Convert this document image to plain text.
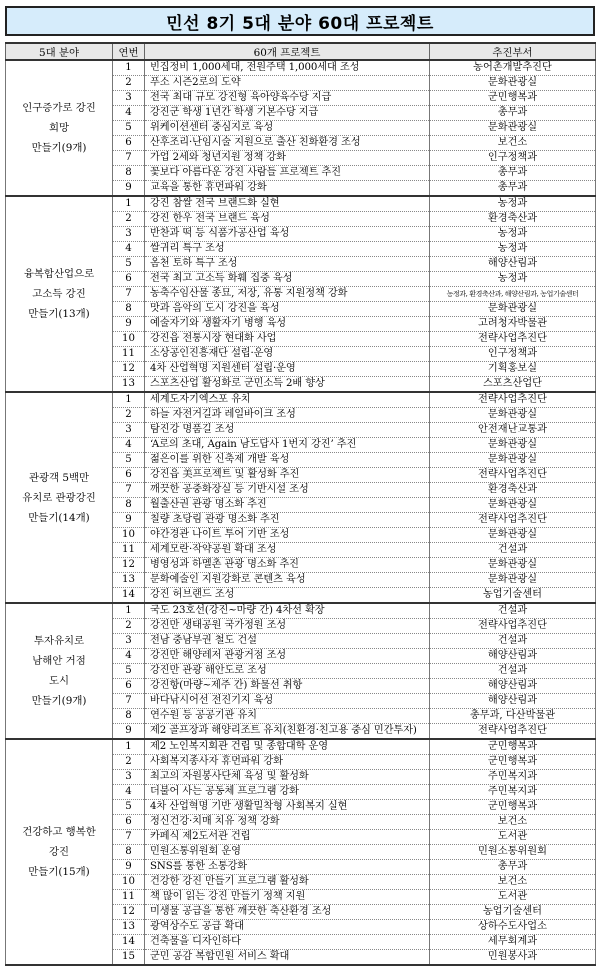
민선 8기 5대 분야 60대 프로젝트
5대 분야	연번	60개 프로젝트	추진부서

인구증가로 강진
희망
만들기(9개)	1	빈집정비 1,000세대, 전원주택 1,000세대 조성	농어촌개발추진단
	2	푸소 시즌2로의 도약	문화관광실
	3	전국 최대 규모 강진형 육아양육수당 지급	군민행복과
	4	강진군 학생 1년간 학생 기본수당 지급	총무과
	5	위케이션센터 중심지로 육성	문화관광실
	6	산후조리·난임시술 지원으로 출산 친화환경 조성	보건소
	7	가업 2세와 청년지원 정책 강화	인구정책과
	8	꽃보다 아름다운 강진 사람들 프로젝트 추진	총무과
	9	교육을 통한 휴먼파워 강화	총무과

융복합산업으로
고소득 강진
만들기(13개)	1	강진 참쌀 전국 브랜드화 실현	농정과
	2	강진 한우 전국 브랜드 육성	환경축산과
	3	반찬과 떡 등 식품가공산업 육성	농정과
	4	쌀귀리 특구 조성	농정과
	5	옴천 토하 특구 조성	해양산림과
	6	전국 최고 고소득 화훼 집중 육성	농정과
	7	농축수임산물 종묘, 저장, 유통 지원정책 강화	농정과, 환경축산과, 해양산림과, 농업기술센터
	8	맛과 음악의 도시 강진을 육성	문화관광실
	9	예술자기와 생활자기 병행 육성	고려청자박물관
	10	강진읍 전통시장 현대화 사업	전략사업추진단
	11	소상공인진흥재단 설립·운영	인구정책과
	12	4차 산업혁명 지원센터 설립·운영	기획홍보실
	13	스포츠산업 활성화로 군민소득 2배 향상	스포츠산업단

관광객 5백만
유치로 관광강진
만들기(14개)	1	세계도자기엑스포 유치	전략사업추진단
	2	하늘 자전거길과 레일바이크 조성	문화관광실
	3	탐진강 명품길 조성	안전재난교통과
	4	‘A로의 초대, Again 남도답사 1번지 강진’ 추진	문화관광실
	5	젊은이를 위한 신축제 개발 육성	문화관광실
	6	강진읍 美프로젝트 및 활성화 추진	전략사업추진단
	7	깨끗한 공중화장실 등 기반시설 조성	환경축산과
	8	월출산권 관광 명소화 추진	문화관광실
	9	칠량 초당림 관광 명소화 추진	전략사업추진단
	10	야간경관 나이트 투어 기반 조성	문화관광실
	11	세계모란·작약공원 확대 조성	건설과
	12	병영성과 하멜촌 관광 명소화 추진	문화관광실
	13	문화예술인 지원강화로 콘텐츠 육성	문화관광실
	14	강진 허브랜드 조성	농업기술센터

투자유치로
남해안 거점
도시
만들기(9개)	1	국도 23호선(강진~마량 간) 4차선 확장	건설과
	2	강진만 생태공원 국가정원 조성	전략사업추진단
	3	전남 중남부권 철도 건설	건설과
	4	강진만 해양레저 관광거점 조성	해양산림과
	5	강진만 관광 해안도로 조성	건설과
	6	강진항(마량~제주 간) 화물선 취항	해양산림과
	7	바다낚시어선 전진기지 육성	해양산림과
	8	연수원 등 공공기관 유치	총무과, 다산박물관
	9	제2 골프장과 해양리조트 유치(친환경·친고용 중심 민간투자)	전략사업추진단

건강하고 행복한
강진
만들기(15개)	1	제2 노인복지회관 건립 및 종합대학 운영	군민행복과
	2	사회복지종사자 휴먼파워 강화	군민행복과
	3	최고의 자원봉사단체 육성 및 활성화	주민복지과
	4	더불어 사는 공동체 프로그램 강화	주민복지과
	5	4차 산업혁명 기반 생활밀착형 사회복지 실현	군민행복과
	6	정신건강·치매 치유 정책 강화	보건소
	7	카페식 제2도서관 건립	도서관
	8	민원소통위원회 운영	민원소통위원회
	9	SNS를 통한 소통강화	총무과
	10	건강한 강진 만들기 프로그램 활성화	보건소
	11	책 많이 읽는 강진 만들기 정책 지원	도서관
	12	미생물 공급을 통한 깨끗한 축산환경 조성	농업기술센터
	13	광역상수도 공급 확대	상하수도사업소
	14	건축물을 디자인하다	세무회계과
	15	군민 공감 복합민원 서비스 확대	민원봉사과
